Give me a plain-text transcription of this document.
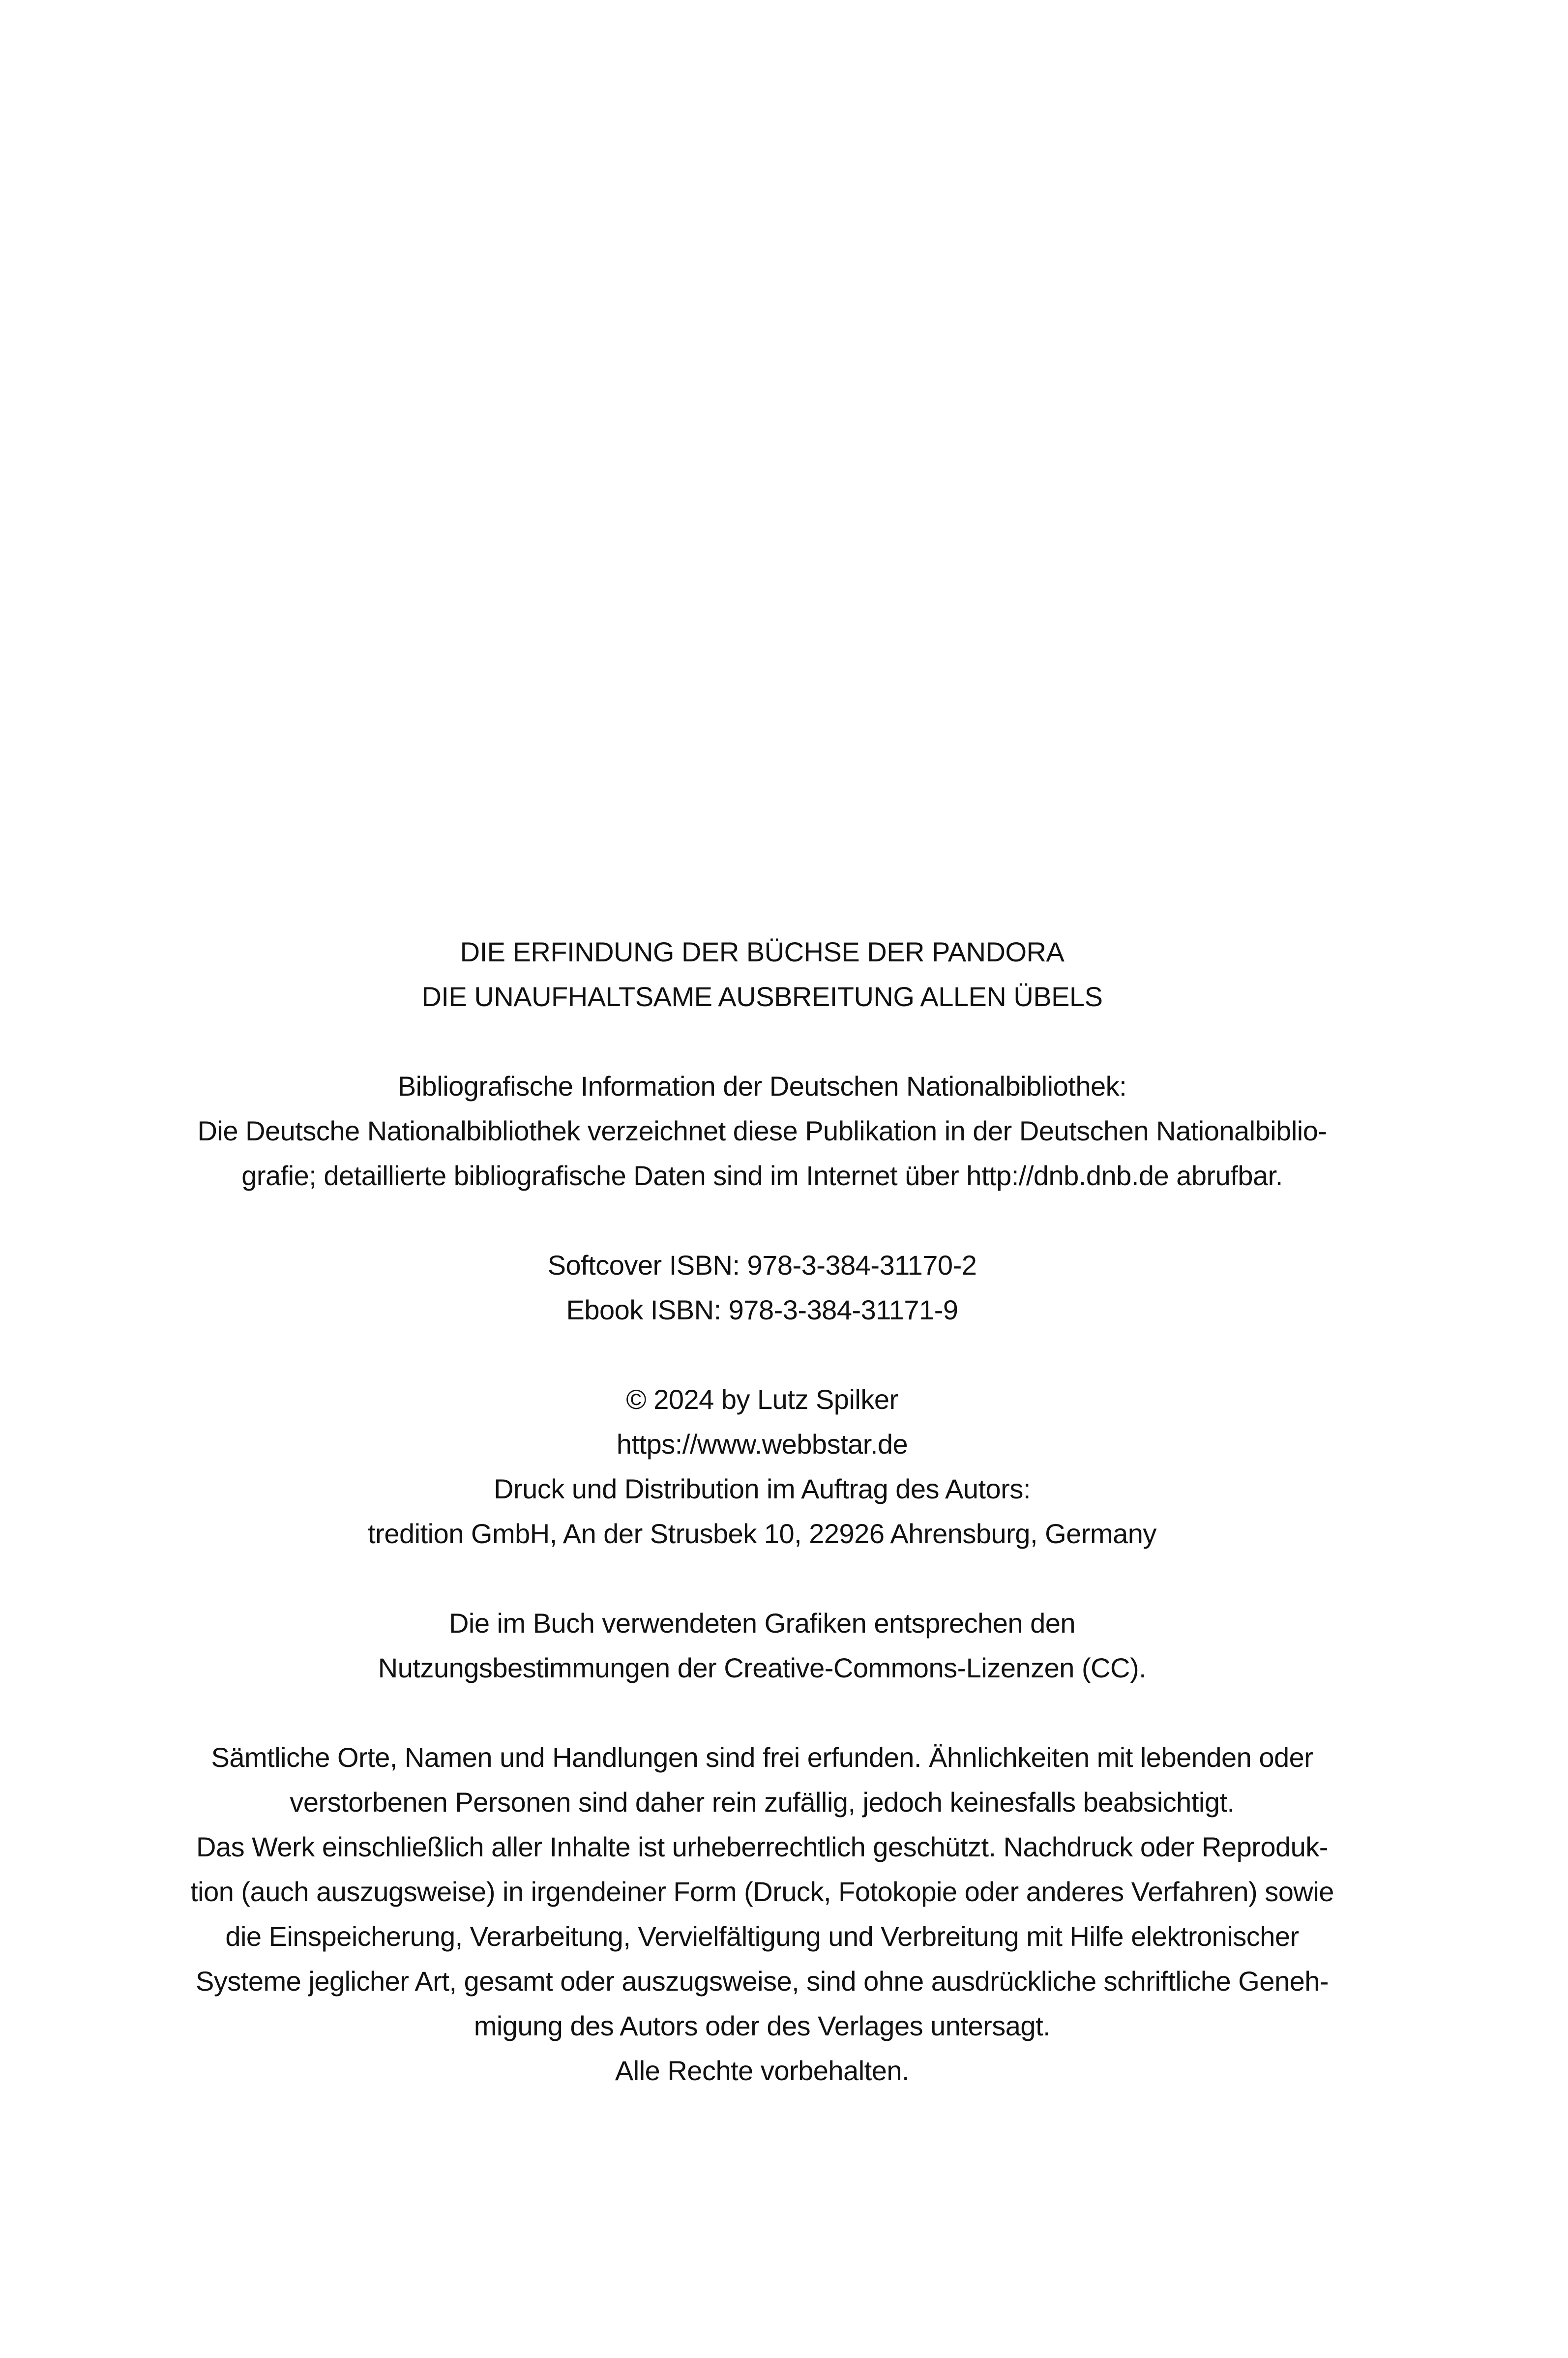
DIE ERFINDUNG DER BÜCHSE DER PANDORA
DIE UNAUFHALTSAME AUSBREITUNG ALLEN ÜBELS
Bibliografische Information der Deutschen Nationalbibliothek:
Die Deutsche Nationalbibliothek verzeichnet diese Publikation in der Deutschen Nationalbiblio-
grafie; detaillierte bibliografische Daten sind im Internet über http://dnb.dnb.de abrufbar.
Softcover ISBN: 978-3-384-31170-2
Ebook ISBN: 978-3-384-31171-9
© 2024 by Lutz Spilker
https://www.webbstar.de
Druck und Distribution im Auftrag des Autors:
tredition GmbH, An der Strusbek 10, 22926 Ahrensburg, Germany
Die im Buch verwendeten Grafiken entsprechen den
Nutzungsbestimmungen der Creative-Commons-Lizenzen (CC).
Sämtliche Orte, Namen und Handlungen sind frei erfunden. Ähnlichkeiten mit lebenden oder
verstorbenen Personen sind daher rein zufällig, jedoch keinesfalls beabsichtigt.
Das Werk einschließlich aller Inhalte ist urheberrechtlich geschützt. Nachdruck oder Reproduk-
tion (auch auszugsweise) in irgendeiner Form (Druck, Fotokopie oder anderes Verfahren) sowie
die Einspeicherung, Verarbeitung, Vervielfältigung und Verbreitung mit Hilfe elektronischer
Systeme jeglicher Art, gesamt oder auszugsweise, sind ohne ausdrückliche schriftliche Geneh-
migung des Autors oder des Verlages untersagt.
Alle Rechte vorbehalten.
